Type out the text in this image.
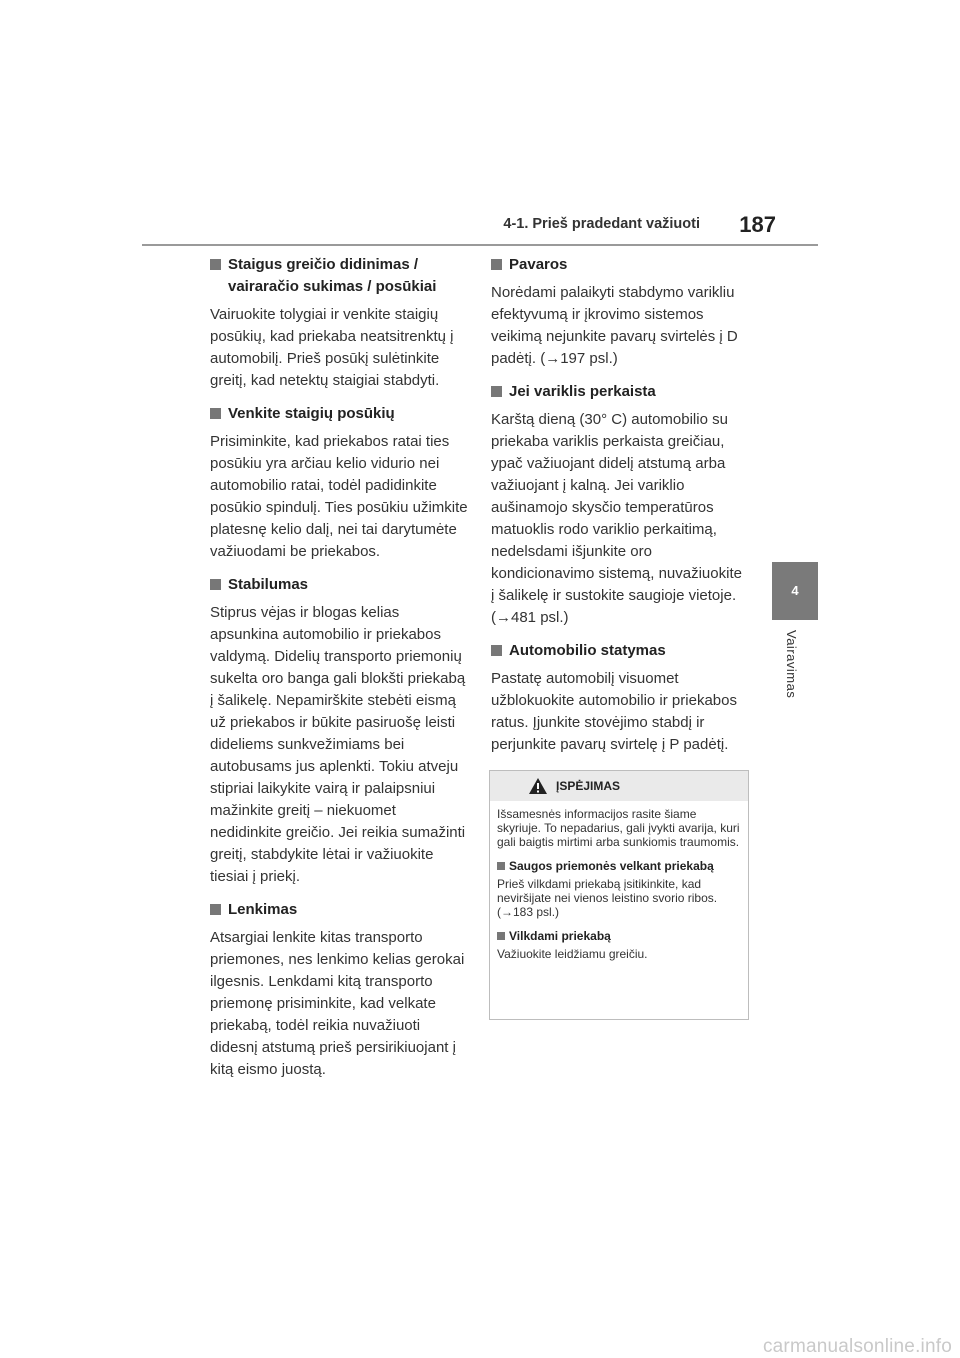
4-1. Prieš pradedant važiuoti	187
4
Vairavimas

Staigus greičio didinimas / vairaračio sukimas / posūkiai

Vairuokite tolygiai ir venkite staigių posūkių, kad priekaba neatsitrenktų į automobilį. Prieš posūkį sulėtinkite greitį, kad netektų staigiai stabdyti.

Venkite staigių posūkių

Prisiminkite, kad priekabos ratai ties posūkiu yra arčiau kelio vidurio nei automobilio ratai, todėl padidinkite posūkio spindulį. Ties posūkiu užimkite platesnę kelio dalį, nei tai darytumėte važiuodami be priekabos.

Stabilumas

Stiprus vėjas ir blogas kelias apsunkina automobilio ir priekabos valdymą. Didelių transporto priemonių sukelta oro banga gali blokšti priekabą į šalikelę. Nepamirškite stebėti eismą už priekabos ir būkite pasiruošę leisti dideliems sunkvežimiams bei autobusams jus aplenkti. Tokiu atveju stipriai laikykite vairą ir palaipsniui mažinkite greitį – niekuomet nedidinkite greičio. Jei reikia sumažinti greitį, stabdykite lėtai ir važiuokite tiesiai į priekį.

Lenkimas

Atsargiai lenkite kitas transporto priemones, nes lenkimo kelias gerokai ilgesnis. Lenkdami kitą transporto priemonę prisiminkite, kad velkate priekabą, todėl reikia nuvažiuoti didesnį atstumą prieš persirikiuojant į kitą eismo juostą.

Pavaros

Norėdami palaikyti stabdymo varikliu efektyvumą ir įkrovimo sistemos veikimą nejunkite pavarų svirtelės į D padėtį. (→197 psl.)

Jei variklis perkaista

Karštą dieną (30° C) automobilio su priekaba variklis perkaista greičiau, ypač važiuojant didelį atstumą arba važiuojant į kalną. Jei variklio aušinamojo skysčio temperatūros matuoklis rodo variklio perkaitimą, nedelsdami išjunkite oro kondicionavimo sistemą, nuvažiuokite į šalikelę ir sustokite saugioje vietoje. (→481 psl.)

Automobilio statymas

Pastatę automobilį visuomet užblokuokite automobilio ir priekabos ratus. Įjunkite stovėjimo stabdį ir perjunkite pavarų svirtelę į P padėtį.

ĮSPĖJIMAS

Išsamesnės informacijos rasite šiame skyriuje. To nepadarius, gali įvykti avarija, kuri gali baigtis mirtimi arba sunkiomis traumomis.

Saugos priemonės velkant priekabą

Prieš vilkdami priekabą įsitikinkite, kad neviršijate nei vienos leistino svorio ribos. (→183 psl.)

Vilkdami priekabą

Važiuokite leidžiamu greičiu.

carmanualsonline.info
